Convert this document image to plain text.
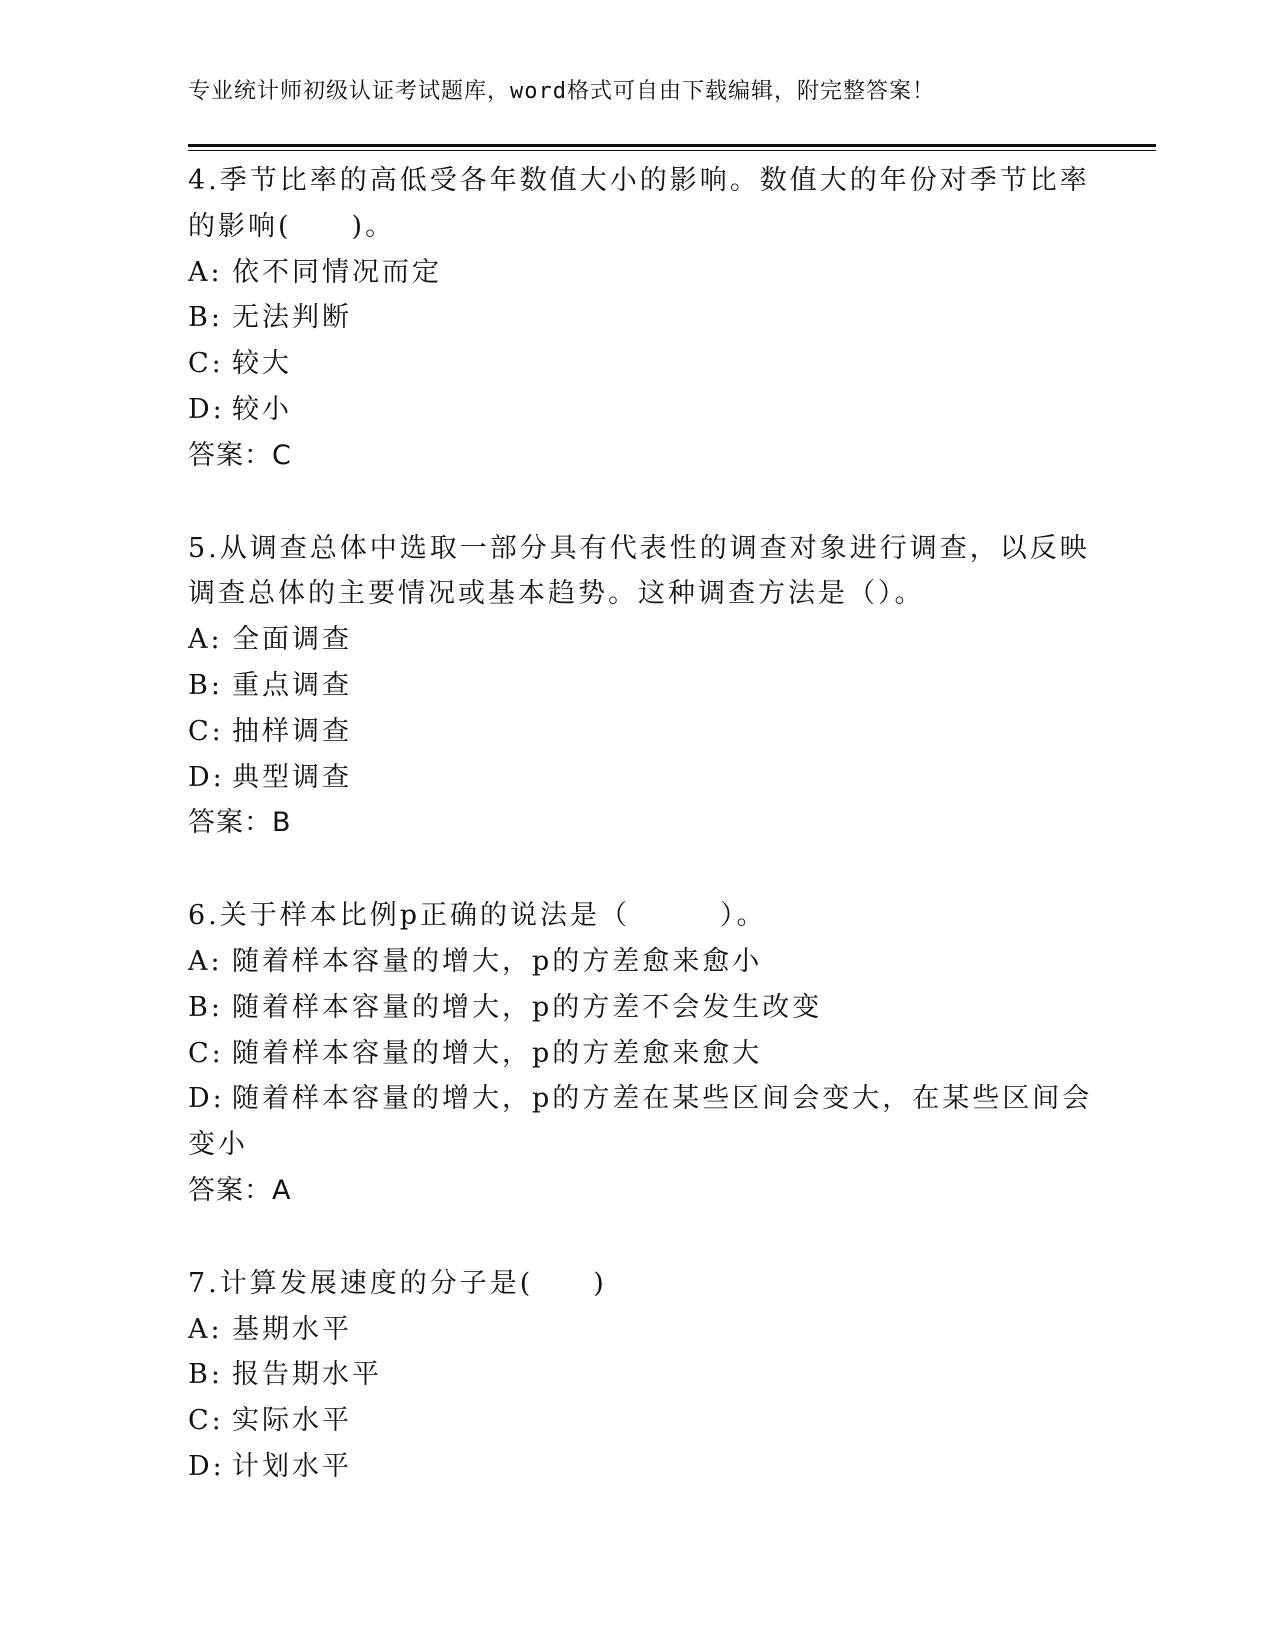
专业统计师初级认证考试题库，word格式可自由下载编辑，附完整答案！
4.季节比率的高低受各年数值大小的影响。数值大的年份对季节比率
的影响(　　)。
A: 依不同情况而定
B: 无法判断
C: 较大
D: 较小
答案：C
5.从调查总体中选取一部分具有代表性的调查对象进行调查，以反映
调查总体的主要情况或基本趋势。这种调查方法是（）。
A: 全面调查
B: 重点调查
C: 抽样调查
D: 典型调查
答案：B
6.关于样本比例p正确的说法是（　　　）。
A: 随着样本容量的增大，p的方差愈来愈小
B: 随着样本容量的增大，p的方差不会发生改变
C: 随着样本容量的增大，p的方差愈来愈大
D: 随着样本容量的增大，p的方差在某些区间会变大，在某些区间会
变小
答案：A
7.计算发展速度的分子是(　　)
A: 基期水平
B: 报告期水平
C: 实际水平
D: 计划水平
